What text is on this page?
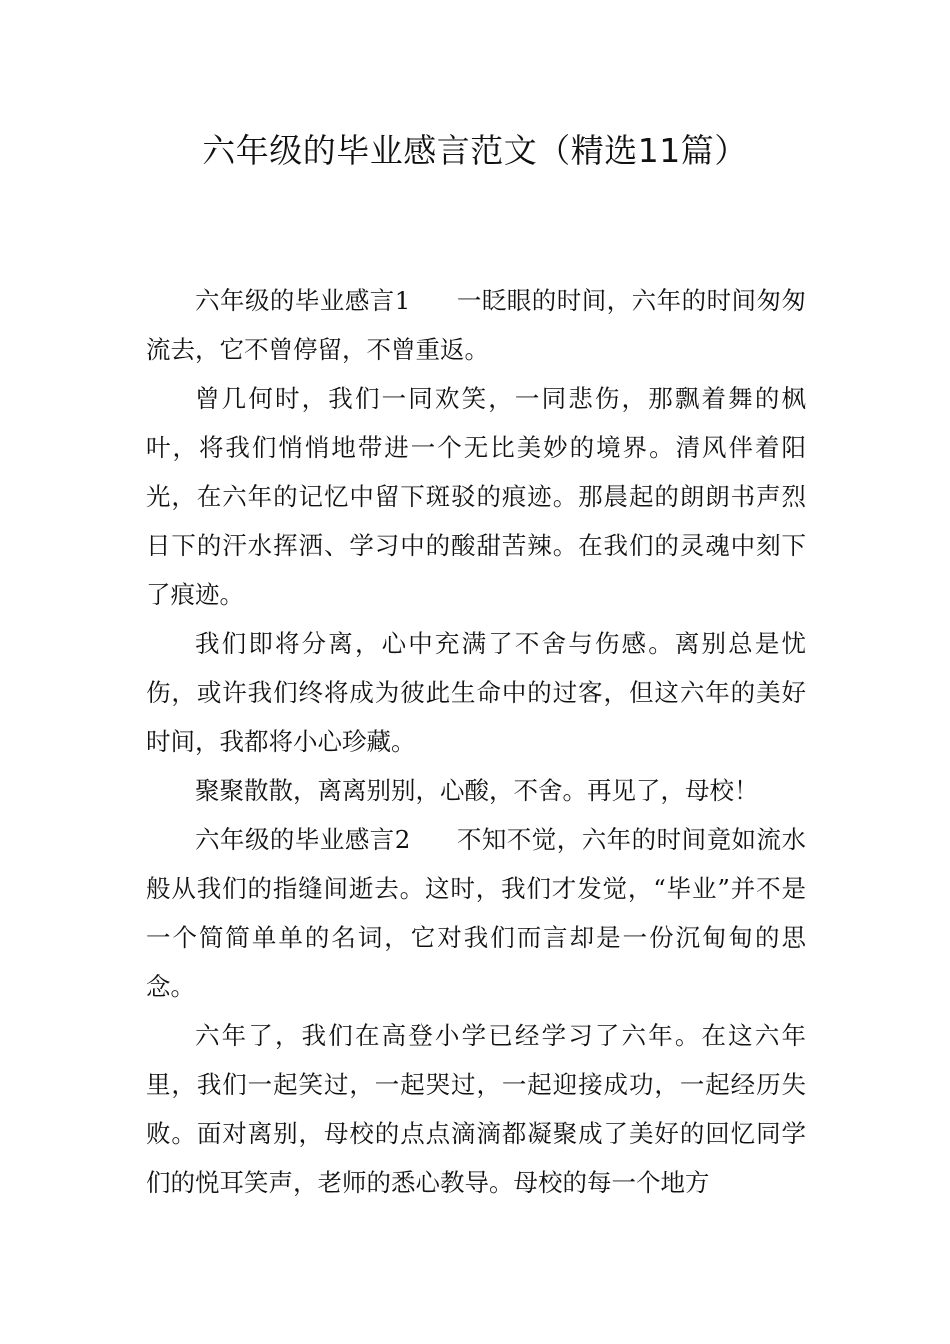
六年级的毕业感言范文（精选11篇）

六年级的毕业感言1 一眨眼的时间，六年的时间匆匆流去，它不曾停留，不曾重返。

曾几何时，我们一同欢笑，一同悲伤，那飘着舞的枫叶，将我们悄悄地带进一个无比美妙的境界。清风伴着阳光，在六年的记忆中留下斑驳的痕迹。那晨起的朗朗书声烈日下的汗水挥洒、学习中的酸甜苦辣。在我们的灵魂中刻下了痕迹。

我们即将分离，心中充满了不舍与伤感。离别总是忧伤，或许我们终将成为彼此生命中的过客，但这六年的美好时间，我都将小心珍藏。

聚聚散散，离离别别，心酸，不舍。再见了，母校！

六年级的毕业感言2 不知不觉，六年的时间竟如流水般从我们的指缝间逝去。这时，我们才发觉，“毕业”并不是一个简简单单的名词，它对我们而言却是一份沉甸甸的思念。

六年了，我们在高登小学已经学习了六年。在这六年里，我们一起笑过，一起哭过，一起迎接成功，一起经历失败。面对离别，母校的点点滴滴都凝聚成了美好的回忆同学们的悦耳笑声，老师的悉心教导。母校的每一个地方
